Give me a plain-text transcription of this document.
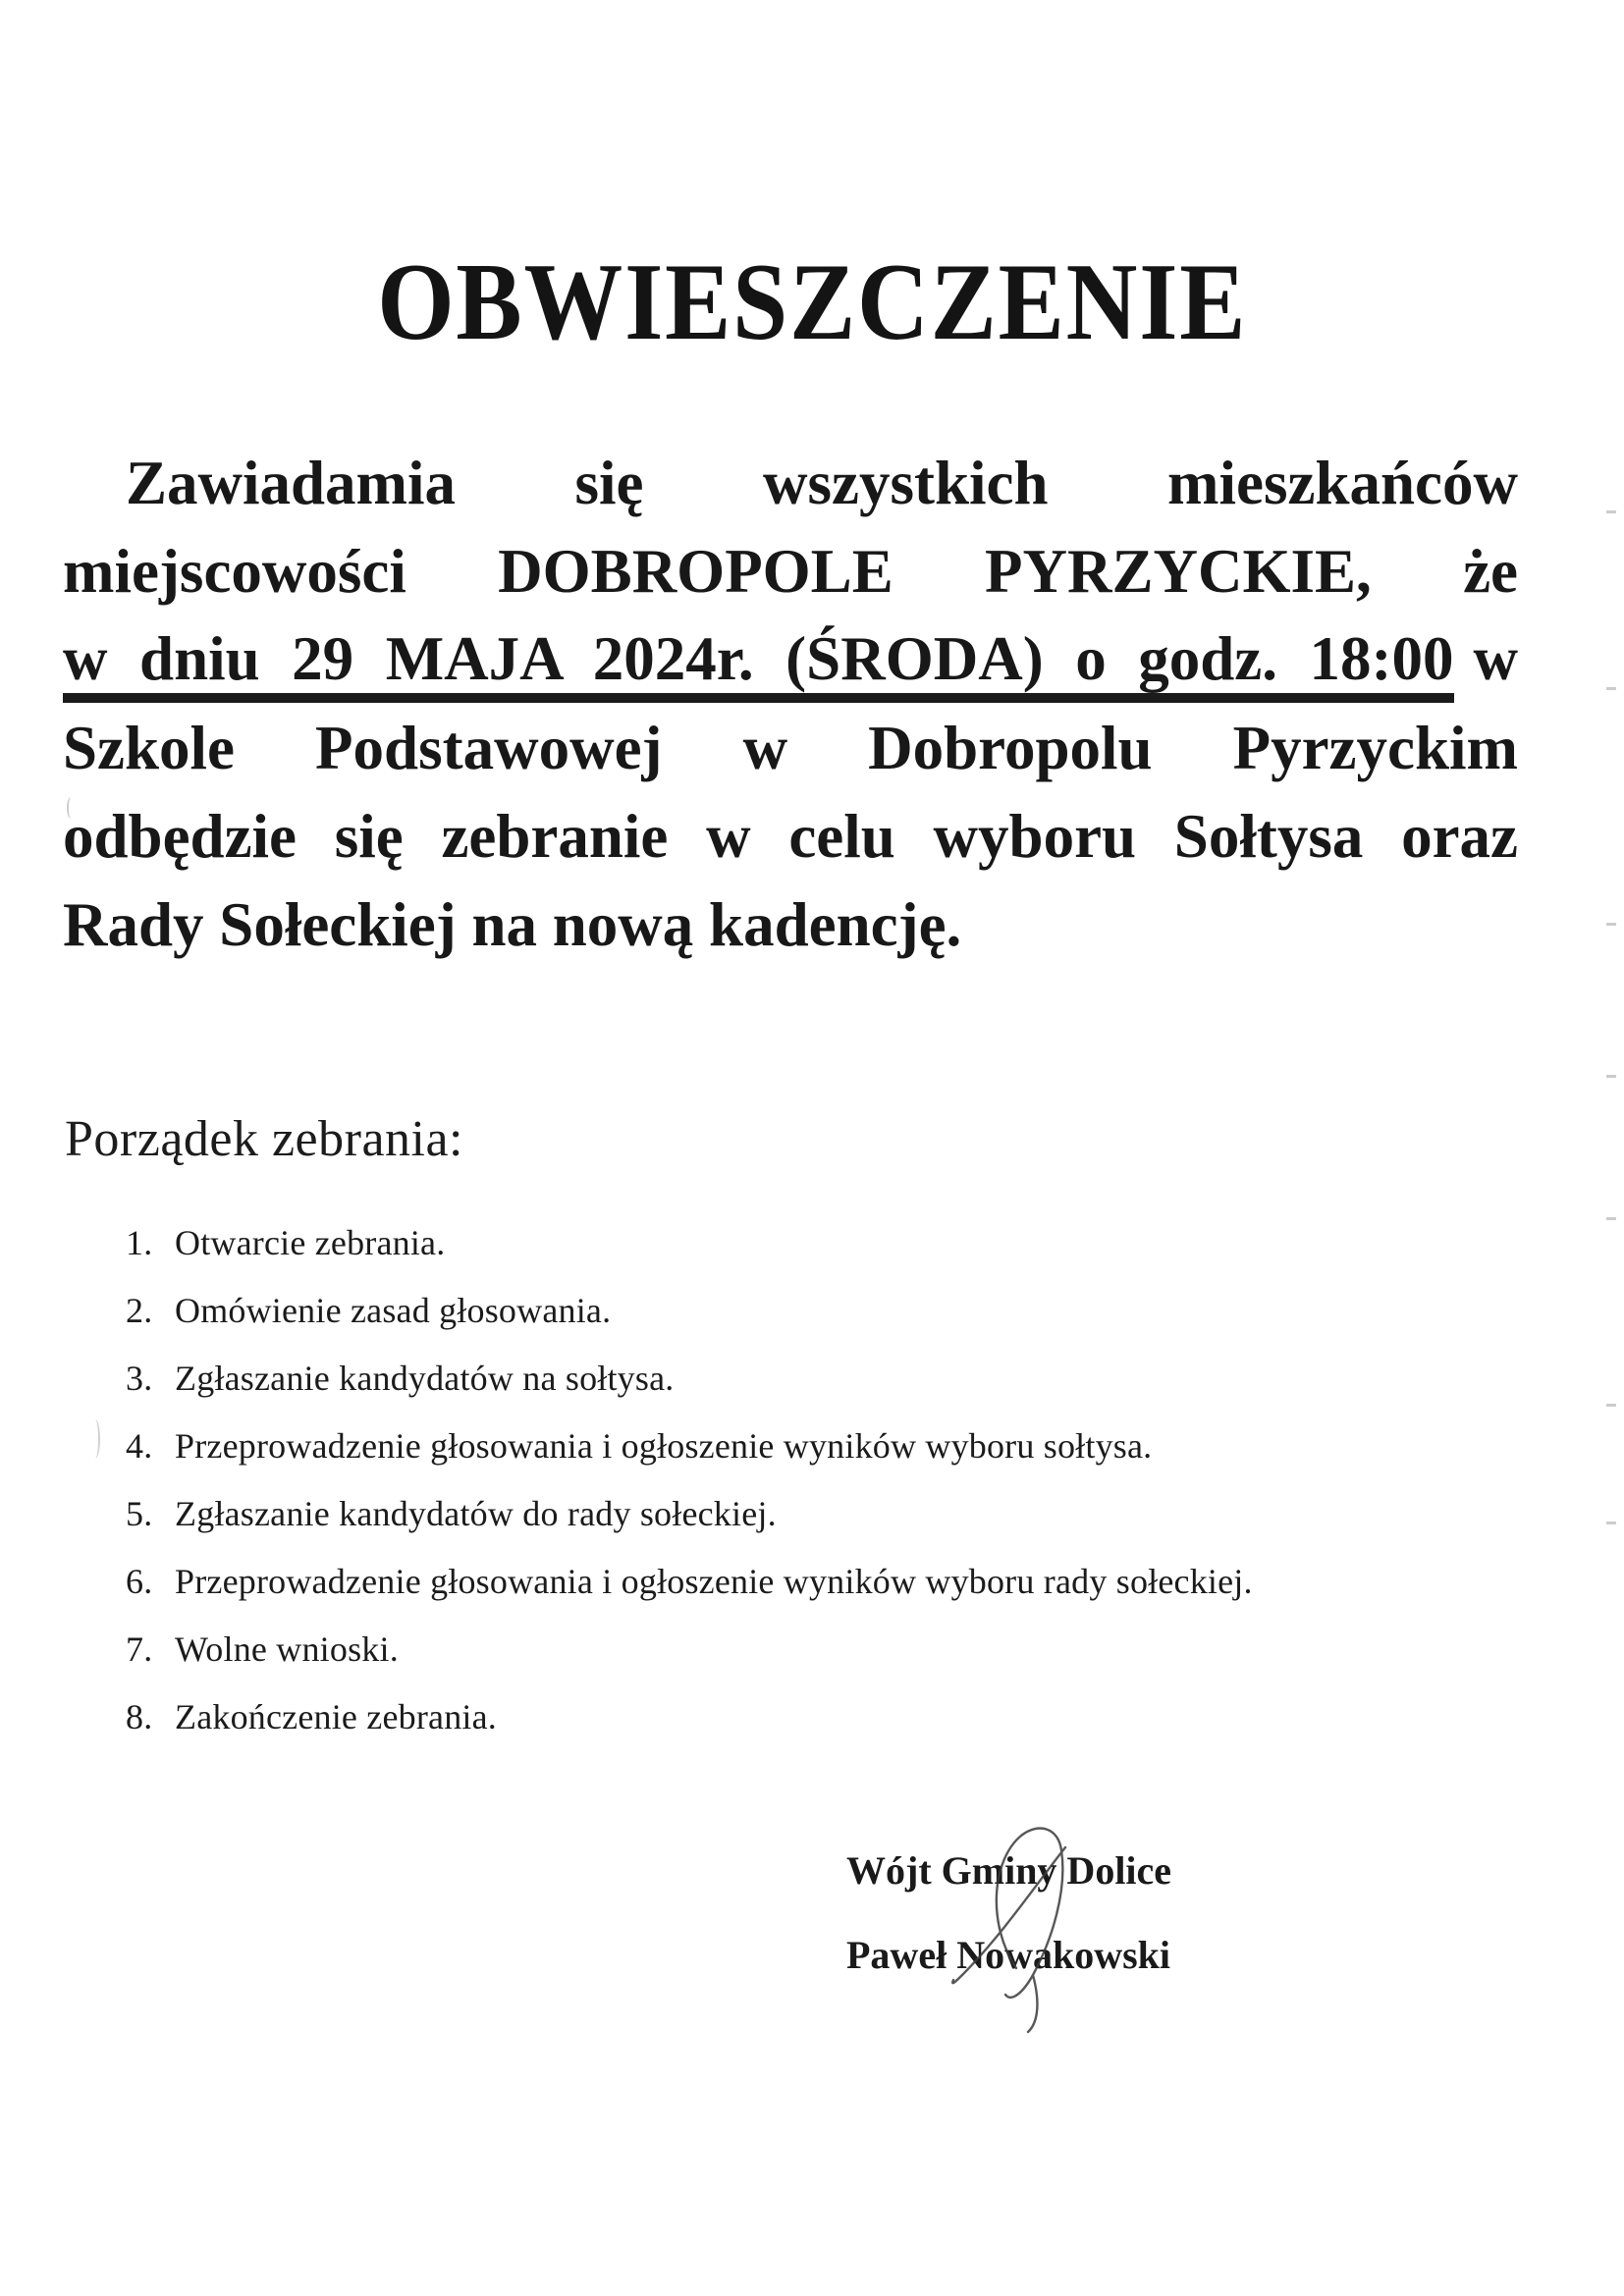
OBWIESZCZENIE
Zawiadamia się wszystkich mieszkańców
miejscowości DOBROPOLE PYRZYCKIE, że
w dniu 29 MAJA 2024r. (ŚRODA) o godz. 18:00 w
Szkole Podstawowej w Dobropolu Pyrzyckim
odbędzie się zebranie w celu wyboru Sołtysa oraz
Rady Sołeckiej na nową kadencję.
Porządek zebrania:
1. Otwarcie zebrania.
2. Omówienie zasad głosowania.
3. Zgłaszanie kandydatów na sołtysa.
4. Przeprowadzenie głosowania i ogłoszenie wyników wyboru sołtysa.
5. Zgłaszanie kandydatów do rady sołeckiej.
6. Przeprowadzenie głosowania i ogłoszenie wyników wyboru rady sołeckiej.
7. Wolne wnioski.
8. Zakończenie zebrania.

Wójt Gminy Dolice

Paweł Nowakowski
